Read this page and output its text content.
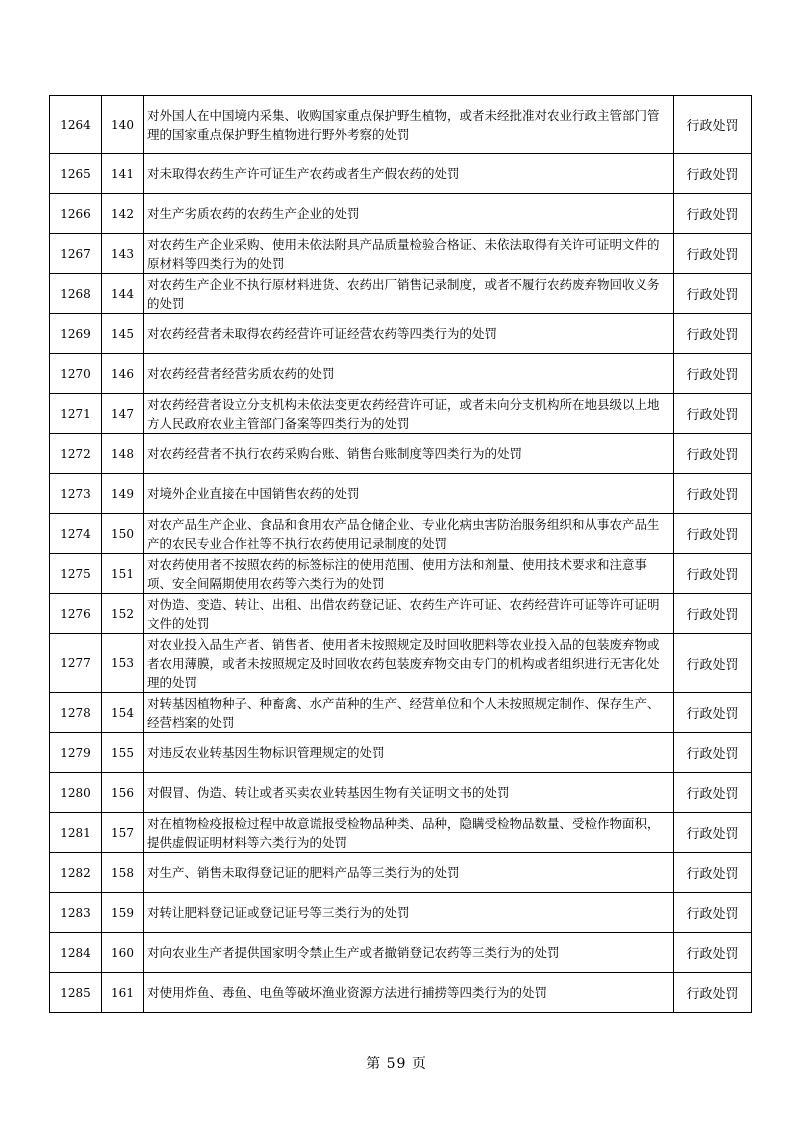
1264	140	对外国人在中国境内采集、收购国家重点保护野生植物，或者未经批准对农业行政主管部门管理的国家重点保护野生植物进行野外考察的处罚	行政处罚
1265	141	对未取得农药生产许可证生产农药或者生产假农药的处罚	行政处罚
1266	142	对生产劣质农药的农药生产企业的处罚	行政处罚
1267	143	对农药生产企业采购、使用未依法附具产品质量检验合格证、未依法取得有关许可证明文件的原材料等四类行为的处罚	行政处罚
1268	144	对农药生产企业不执行原材料进货、农药出厂销售记录制度，或者不履行农药废弃物回收义务的处罚	行政处罚
1269	145	对农药经营者未取得农药经营许可证经营农药等四类行为的处罚	行政处罚
1270	146	对农药经营者经营劣质农药的处罚	行政处罚
1271	147	对农药经营者设立分支机构未依法变更农药经营许可证，或者未向分支机构所在地县级以上地方人民政府农业主管部门备案等四类行为的处罚	行政处罚
1272	148	对农药经营者不执行农药采购台账、销售台账制度等四类行为的处罚	行政处罚
1273	149	对境外企业直接在中国销售农药的处罚	行政处罚
1274	150	对农产品生产企业、食品和食用农产品仓储企业、专业化病虫害防治服务组织和从事农产品生产的农民专业合作社等不执行农药使用记录制度的处罚	行政处罚
1275	151	对农药使用者不按照农药的标签标注的使用范围、使用方法和剂量、使用技术要求和注意事项、安全间隔期使用农药等六类行为的处罚	行政处罚
1276	152	对伪造、变造、转让、出租、出借农药登记证、农药生产许可证、农药经营许可证等许可证明文件的处罚	行政处罚
1277	153	对农业投入品生产者、销售者、使用者未按照规定及时回收肥料等农业投入品的包装废弃物或者农用薄膜，或者未按照规定及时回收农药包装废弃物交由专门的机构或者组织进行无害化处理的处罚	行政处罚
1278	154	对转基因植物种子、种畜禽、水产苗种的生产、经营单位和个人未按照规定制作、保存生产、经营档案的处罚	行政处罚
1279	155	对违反农业转基因生物标识管理规定的处罚	行政处罚
1280	156	对假冒、伪造、转让或者买卖农业转基因生物有关证明文书的处罚	行政处罚
1281	157	对在植物检疫报检过程中故意谎报受检物品种类、品种，隐瞒受检物品数量、受检作物面积，提供虚假证明材料等六类行为的处罚	行政处罚
1282	158	对生产、销售未取得登记证的肥料产品等三类行为的处罚	行政处罚
1283	159	对转让肥料登记证或登记证号等三类行为的处罚	行政处罚
1284	160	对向农业生产者提供国家明令禁止生产或者撤销登记农药等三类行为的处罚	行政处罚
1285	161	对使用炸鱼、毒鱼、电鱼等破坏渔业资源方法进行捕捞等四类行为的处罚	行政处罚
第 59 页
